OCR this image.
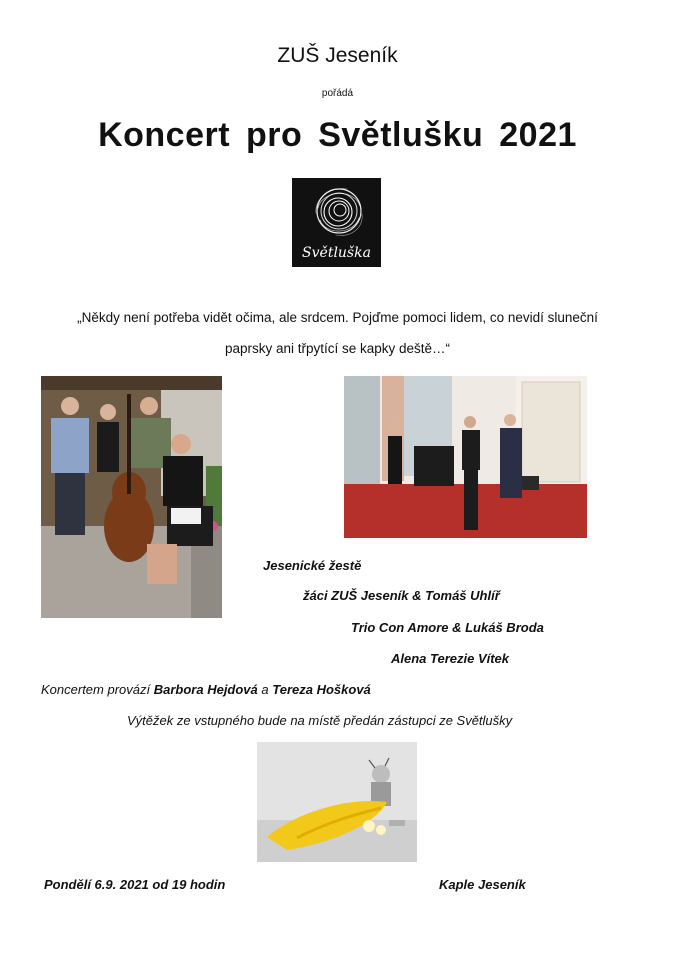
ZUŠ Jeseník
pořádá
Koncert pro Světlušku 2021
Světluška
„Někdy není potřeba vidět očima, ale srdcem. Pojďme pomoci lidem, co nevidí sluneční
paprsky ani třpytící se kapky deště…“
Jesenické žestě
žáci ZUŠ Jeseník & Tomáš Uhlíř
Trio Con Amore & Lukáš Broda
Alena Terezie Vítek
Koncertem provází Barbora Hejdová a Tereza Hošková
Výtěžek ze vstupného bude na místě předán zástupci ze Světlušky
Pondělí 6.9. 2021 od 19 hodin	Kaple Jeseník
